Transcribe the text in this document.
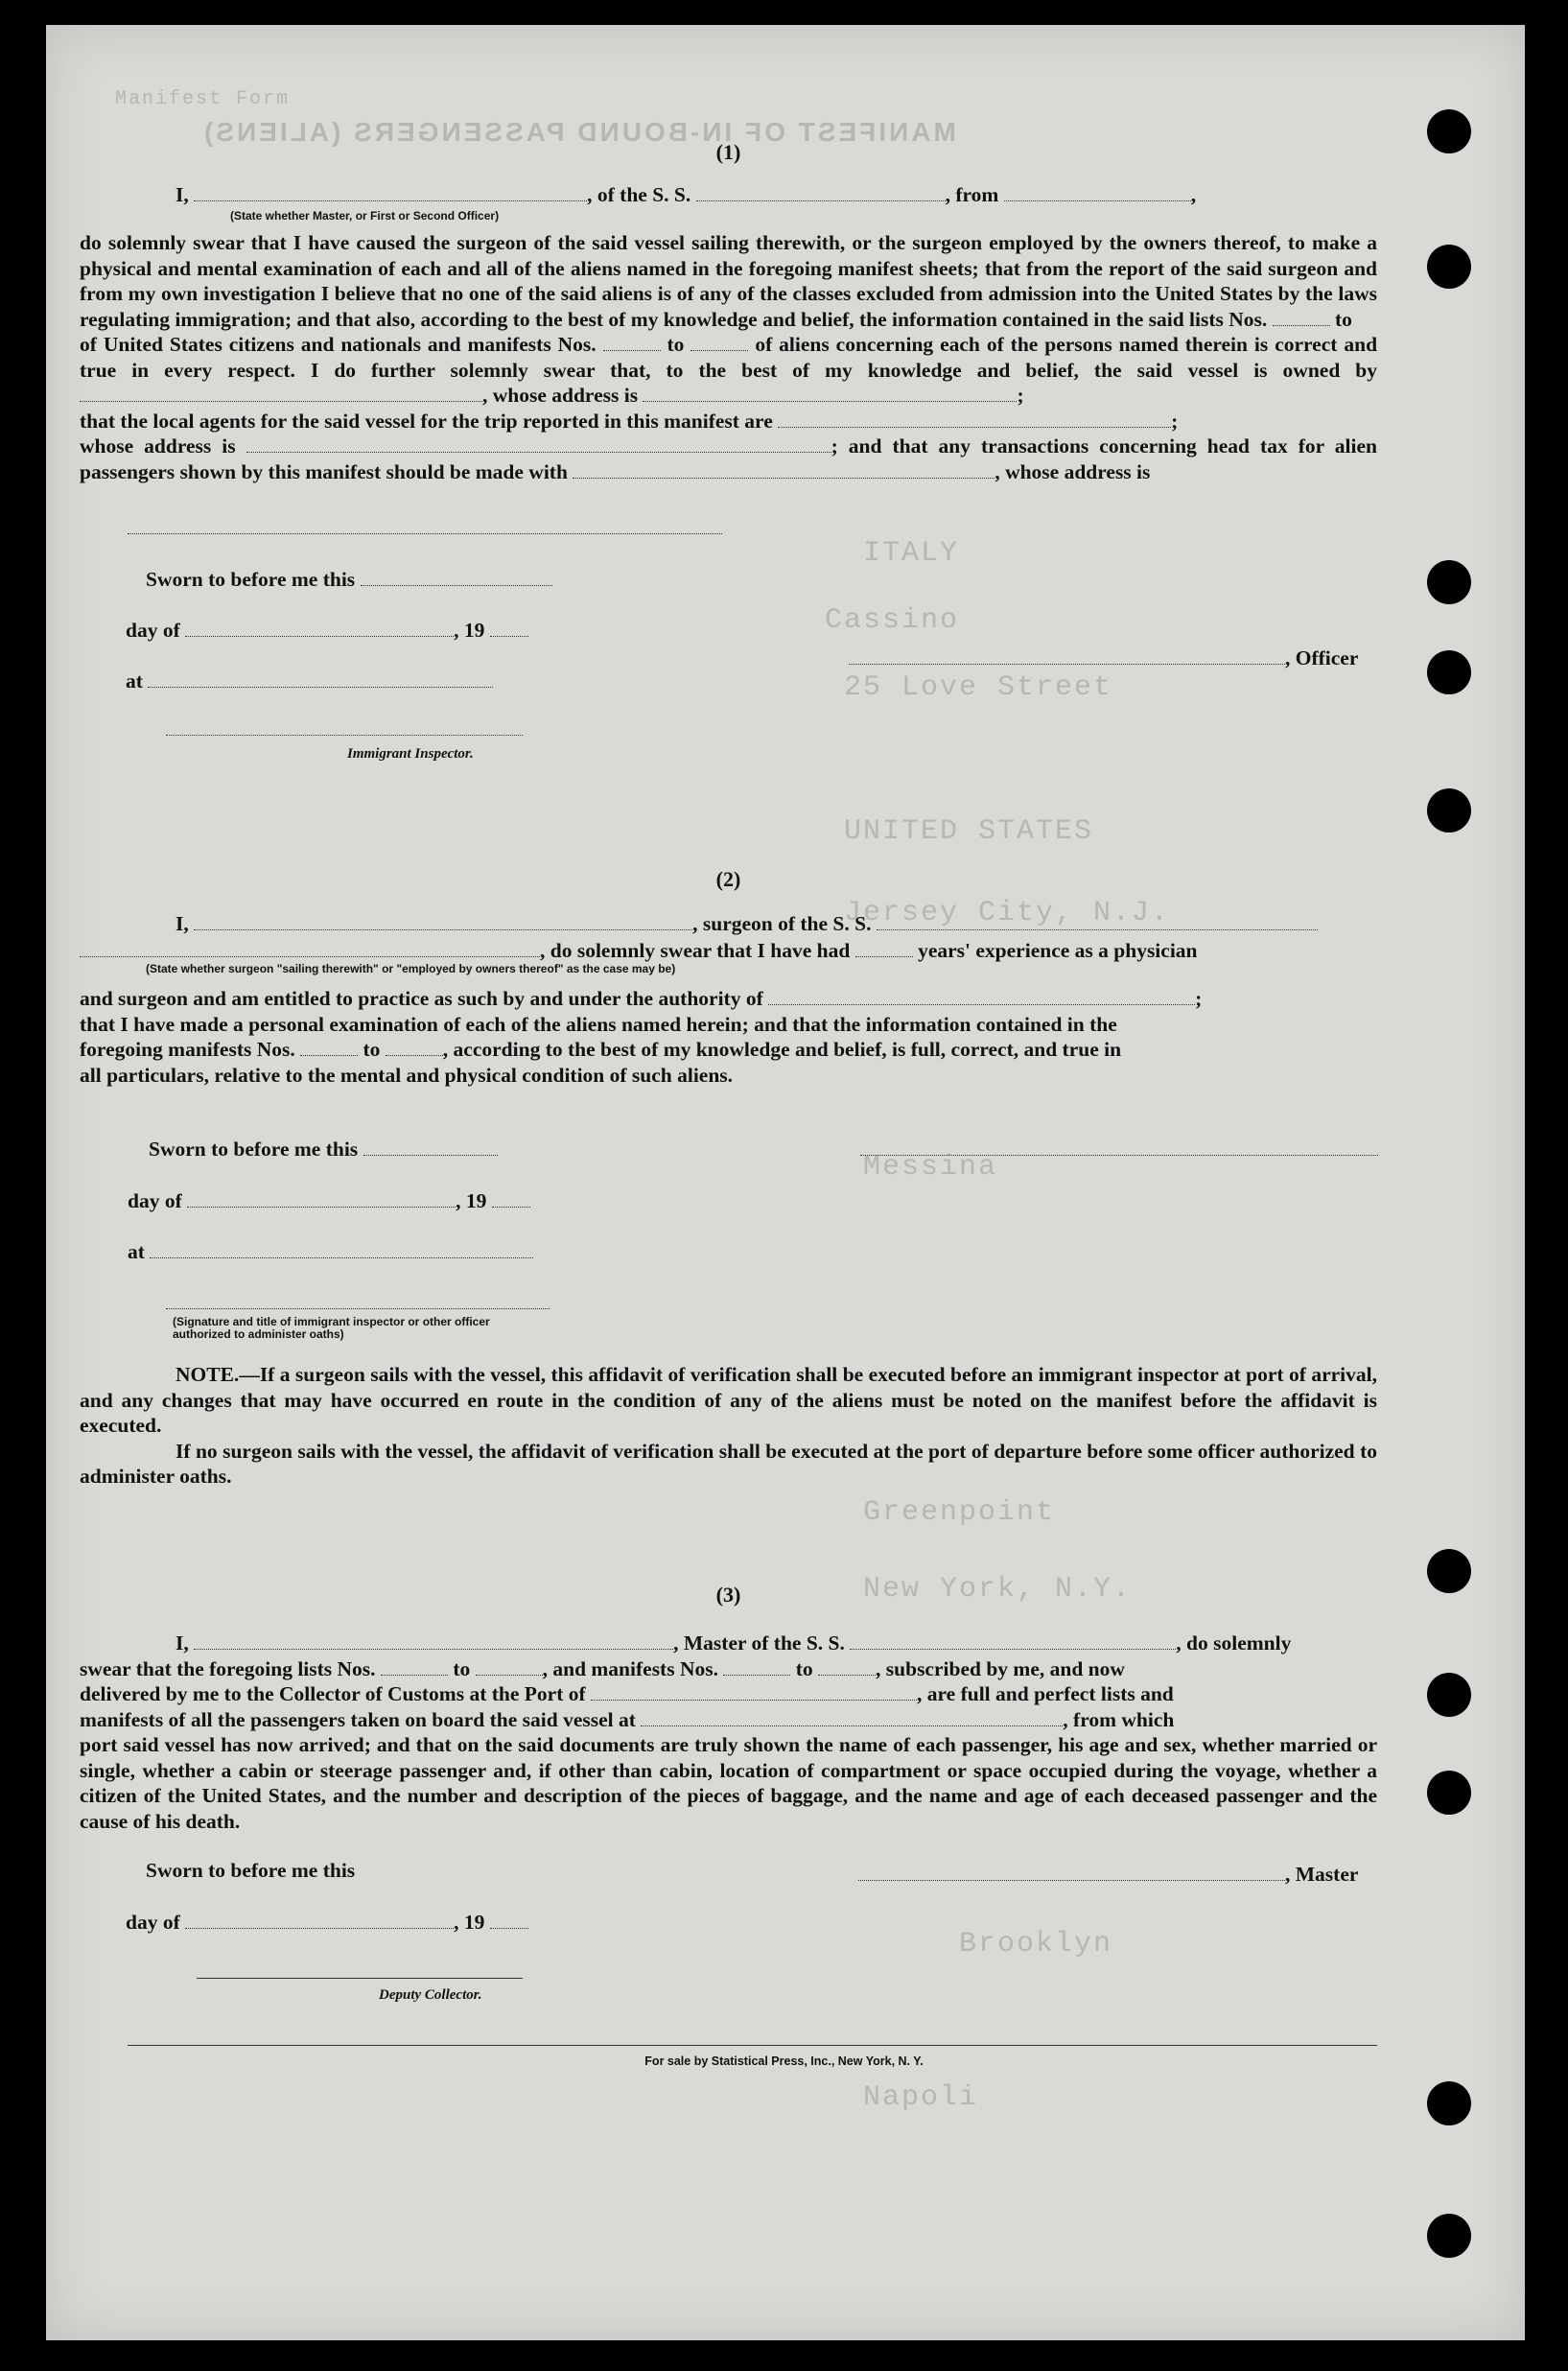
Manifest Form
MANIFEST OF IN-BOUND PASSENGERS (ALIENS)
ITALY
Cassino
25 Love Street
UNITED STATES
Jersey City, N.J.
Messina
Greenpoint
New York, N.Y.
Brooklyn
Napoli
(1)
I,	, of the S. S.	, from	,
(State whether Master, or First or Second Officer)

do solemnly swear that I have caused the surgeon of the said vessel sailing therewith, or the surgeon employed by the owners thereof, to make a physical and mental examination of each and all of the aliens named in the foregoing manifest sheets; that from the report of the said surgeon and from my own investigation I believe that no one of the said aliens is of any of the classes excluded from admission into the United States by the laws regulating immigration; and that also, according to the best of my knowledge and belief, the information contained in the said lists Nos.	to

of United States citizens and nationals and manifests Nos.	to	of aliens concerning each of the persons named therein is correct and true in every respect. I do further solemnly swear that, to the best of my knowledge and belief, the said vessel is owned by , whose address is	;

that the local agents for the said vessel for the trip reported in this manifest are	;

whose address is	; and that any transactions concerning head tax for alien passengers shown by this manifest should be made with	, whose address is

Sworn to before me this
day of	, 19
at
Immigrant Inspector.
, Officer
(2)
I,	, surgeon of the S. S.
, do solemnly swear that I have had	years' experience as a physician
(State whether surgeon "sailing therewith" or "employed by owners thereof" as the case may be)

and surgeon and am entitled to practice as such by and under the authority of	;

that I have made a personal examination of each of the aliens named herein; and that the information contained in the

foregoing manifests Nos.	to	, according to the best of my knowledge and belief, is full, correct, and true in

all particulars, relative to the mental and physical condition of such aliens.

Sworn to before me this
day of	, 19
at
(Signature and title of immigrant inspector or other officer authorized to administer oaths)

NOTE.—If a surgeon sails with the vessel, this affidavit of verification shall be executed before an immigrant inspector at port of arrival, and any changes that may have occurred en route in the condition of any of the aliens must be noted on the manifest before the affidavit is executed.

If no surgeon sails with the vessel, the affidavit of verification shall be executed at the port of departure before some officer authorized to administer oaths.

(3)

I,	, Master of the S. S.	, do solemnly

swear that the foregoing lists Nos.	to	, and manifests Nos.	to	, subscribed by me, and now

delivered by me to the Collector of Customs at the Port of	, are full and perfect lists and

manifests of all the passengers taken on board the said vessel at	, from which

port said vessel has now arrived; and that on the said documents are truly shown the name of each passenger, his age and sex, whether married or single, whether a cabin or steerage passenger and, if other than cabin, location of compartment or space occupied during the voyage, whether a citizen of the United States, and the number and description of the pieces of baggage, and the name and age of each deceased passenger and the cause of his death.

Sworn to before me this
day of	, 19
Deputy Collector.
, Master
For sale by Statistical Press, Inc., New York, N. Y.
